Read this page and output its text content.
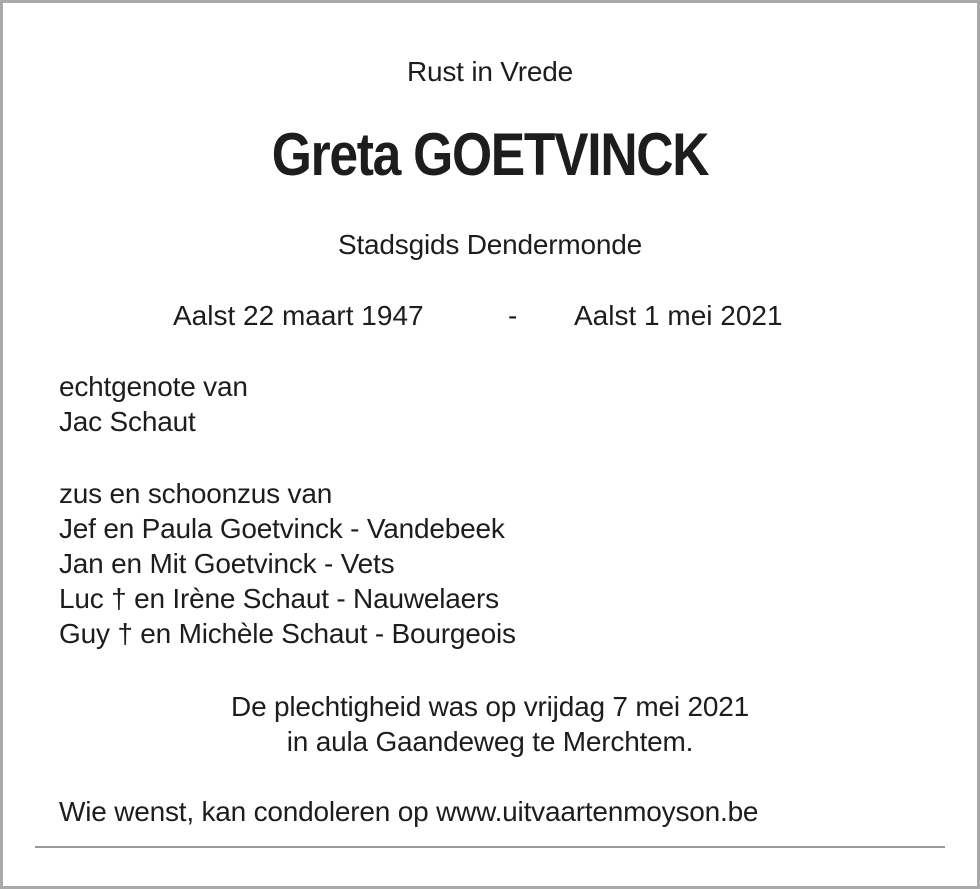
Rust in Vrede
Greta GOETVINCK
Stadsgids Dendermonde
Aalst 22 maart 1947	- Aalst 1 mei 2021
echtgenote van
Jac Schaut
zus en schoonzus van
Jef en Paula Goetvinck - Vandebeek
Jan en Mit Goetvinck - Vets
Luc † en Irène Schaut - Nauwelaers
Guy † en Michèle Schaut - Bourgeois
De plechtigheid was op vrijdag 7 mei 2021
in aula Gaandeweg te Merchtem.
Wie wenst, kan condoleren op www.uitvaartenmoyson.be
